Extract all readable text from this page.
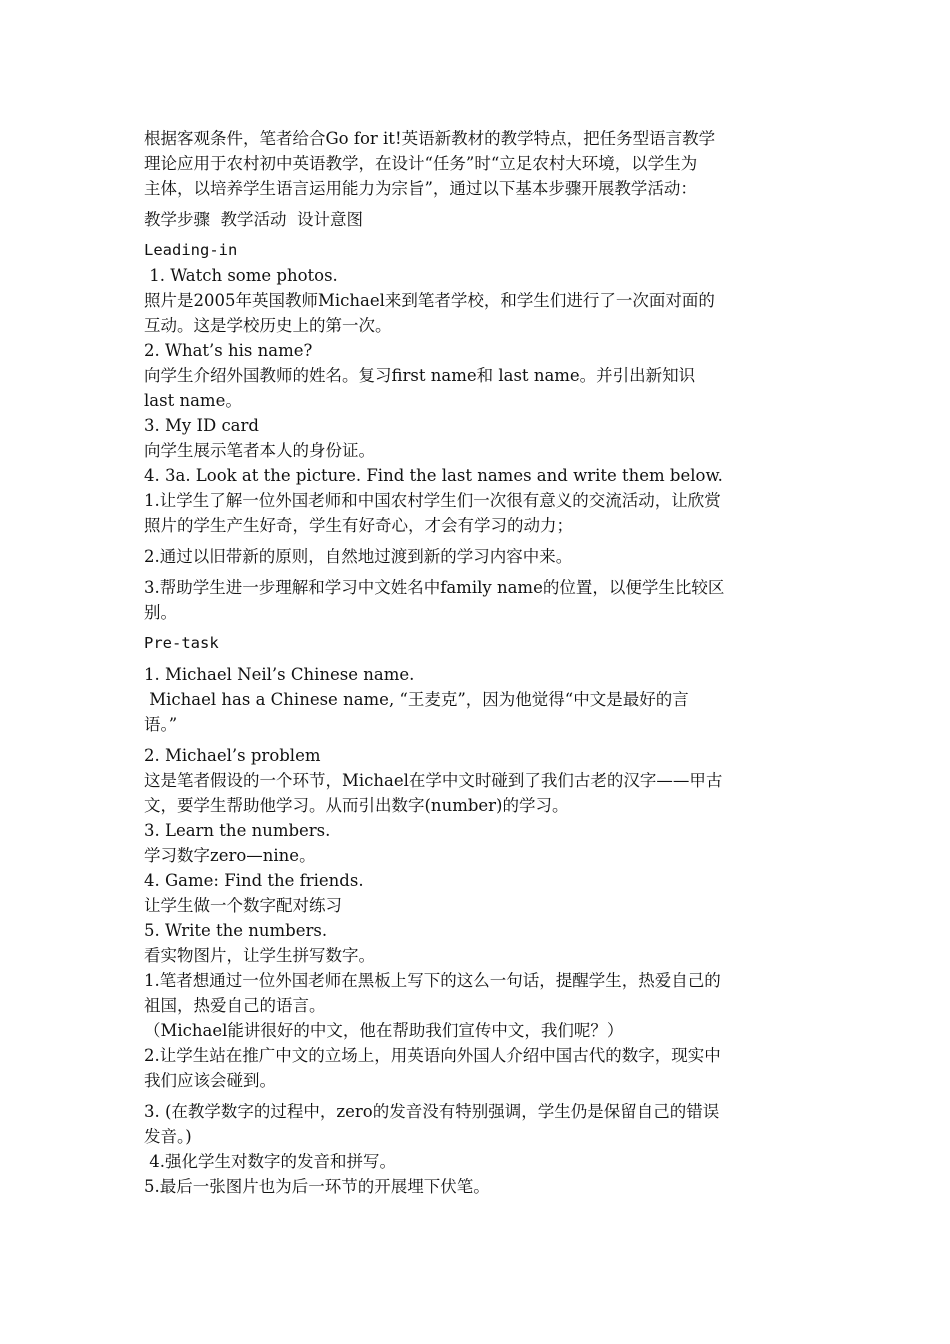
根据客观条件，笔者给合Go for it!英语新教材的教学特点，把任务型语言教学

理论应用于农村初中英语教学，在设计“任务”时“立足农村大环境，以学生为

主体，以培养学生语言运用能力为宗旨”，通过以下基本步骤开展教学活动：

教学步骤  教学活动  设计意图

Leading-in

1. Watch some photos.

照片是2005年英国教师Michael来到笔者学校，和学生们进行了一次面对面的

互动。这是学校历史上的第一次。

2. What’s his name?

向学生介绍外国教师的姓名。复习first name和 last name。并引出新知识

last name。

3. My ID card

向学生展示笔者本人的身份证。

4. 3a. Look at the picture. Find the last names and write them below.

1.让学生了解一位外国老师和中国农村学生们一次很有意义的交流活动，让欣赏

照片的学生产生好奇，学生有好奇心，才会有学习的动力；

2.通过以旧带新的原则，自然地过渡到新的学习内容中来。

3.帮助学生进一步理解和学习中文姓名中family name的位置，以便学生比较区

别。

Pre-task

1. Michael Neil’s Chinese name.

Michael has a Chinese name, “王麦克”，因为他觉得“中文是最好的言

语。”

2. Michael’s problem

这是笔者假设的一个环节，Michael在学中文时碰到了我们古老的汉字——甲古

文，要学生帮助他学习。从而引出数字(number)的学习。

3. Learn the numbers.

学习数字zero—nine。

4. Game: Find the friends.

让学生做一个数字配对练习

5. Write the numbers.

看实物图片，让学生拼写数字。

1.笔者想通过一位外国老师在黑板上写下的这么一句话，提醒学生，热爱自己的

祖国，热爱自己的语言。

（Michael能讲很好的中文，他在帮助我们宣传中文，我们呢？）

2.让学生站在推广中文的立场上，用英语向外国人介绍中国古代的数字，现实中

我们应该会碰到。

3. (在教学数字的过程中，zero的发音没有特别强调，学生仍是保留自己的错误

发音。)

4.强化学生对数字的发音和拼写。

5.最后一张图片也为后一环节的开展埋下伏笔。
